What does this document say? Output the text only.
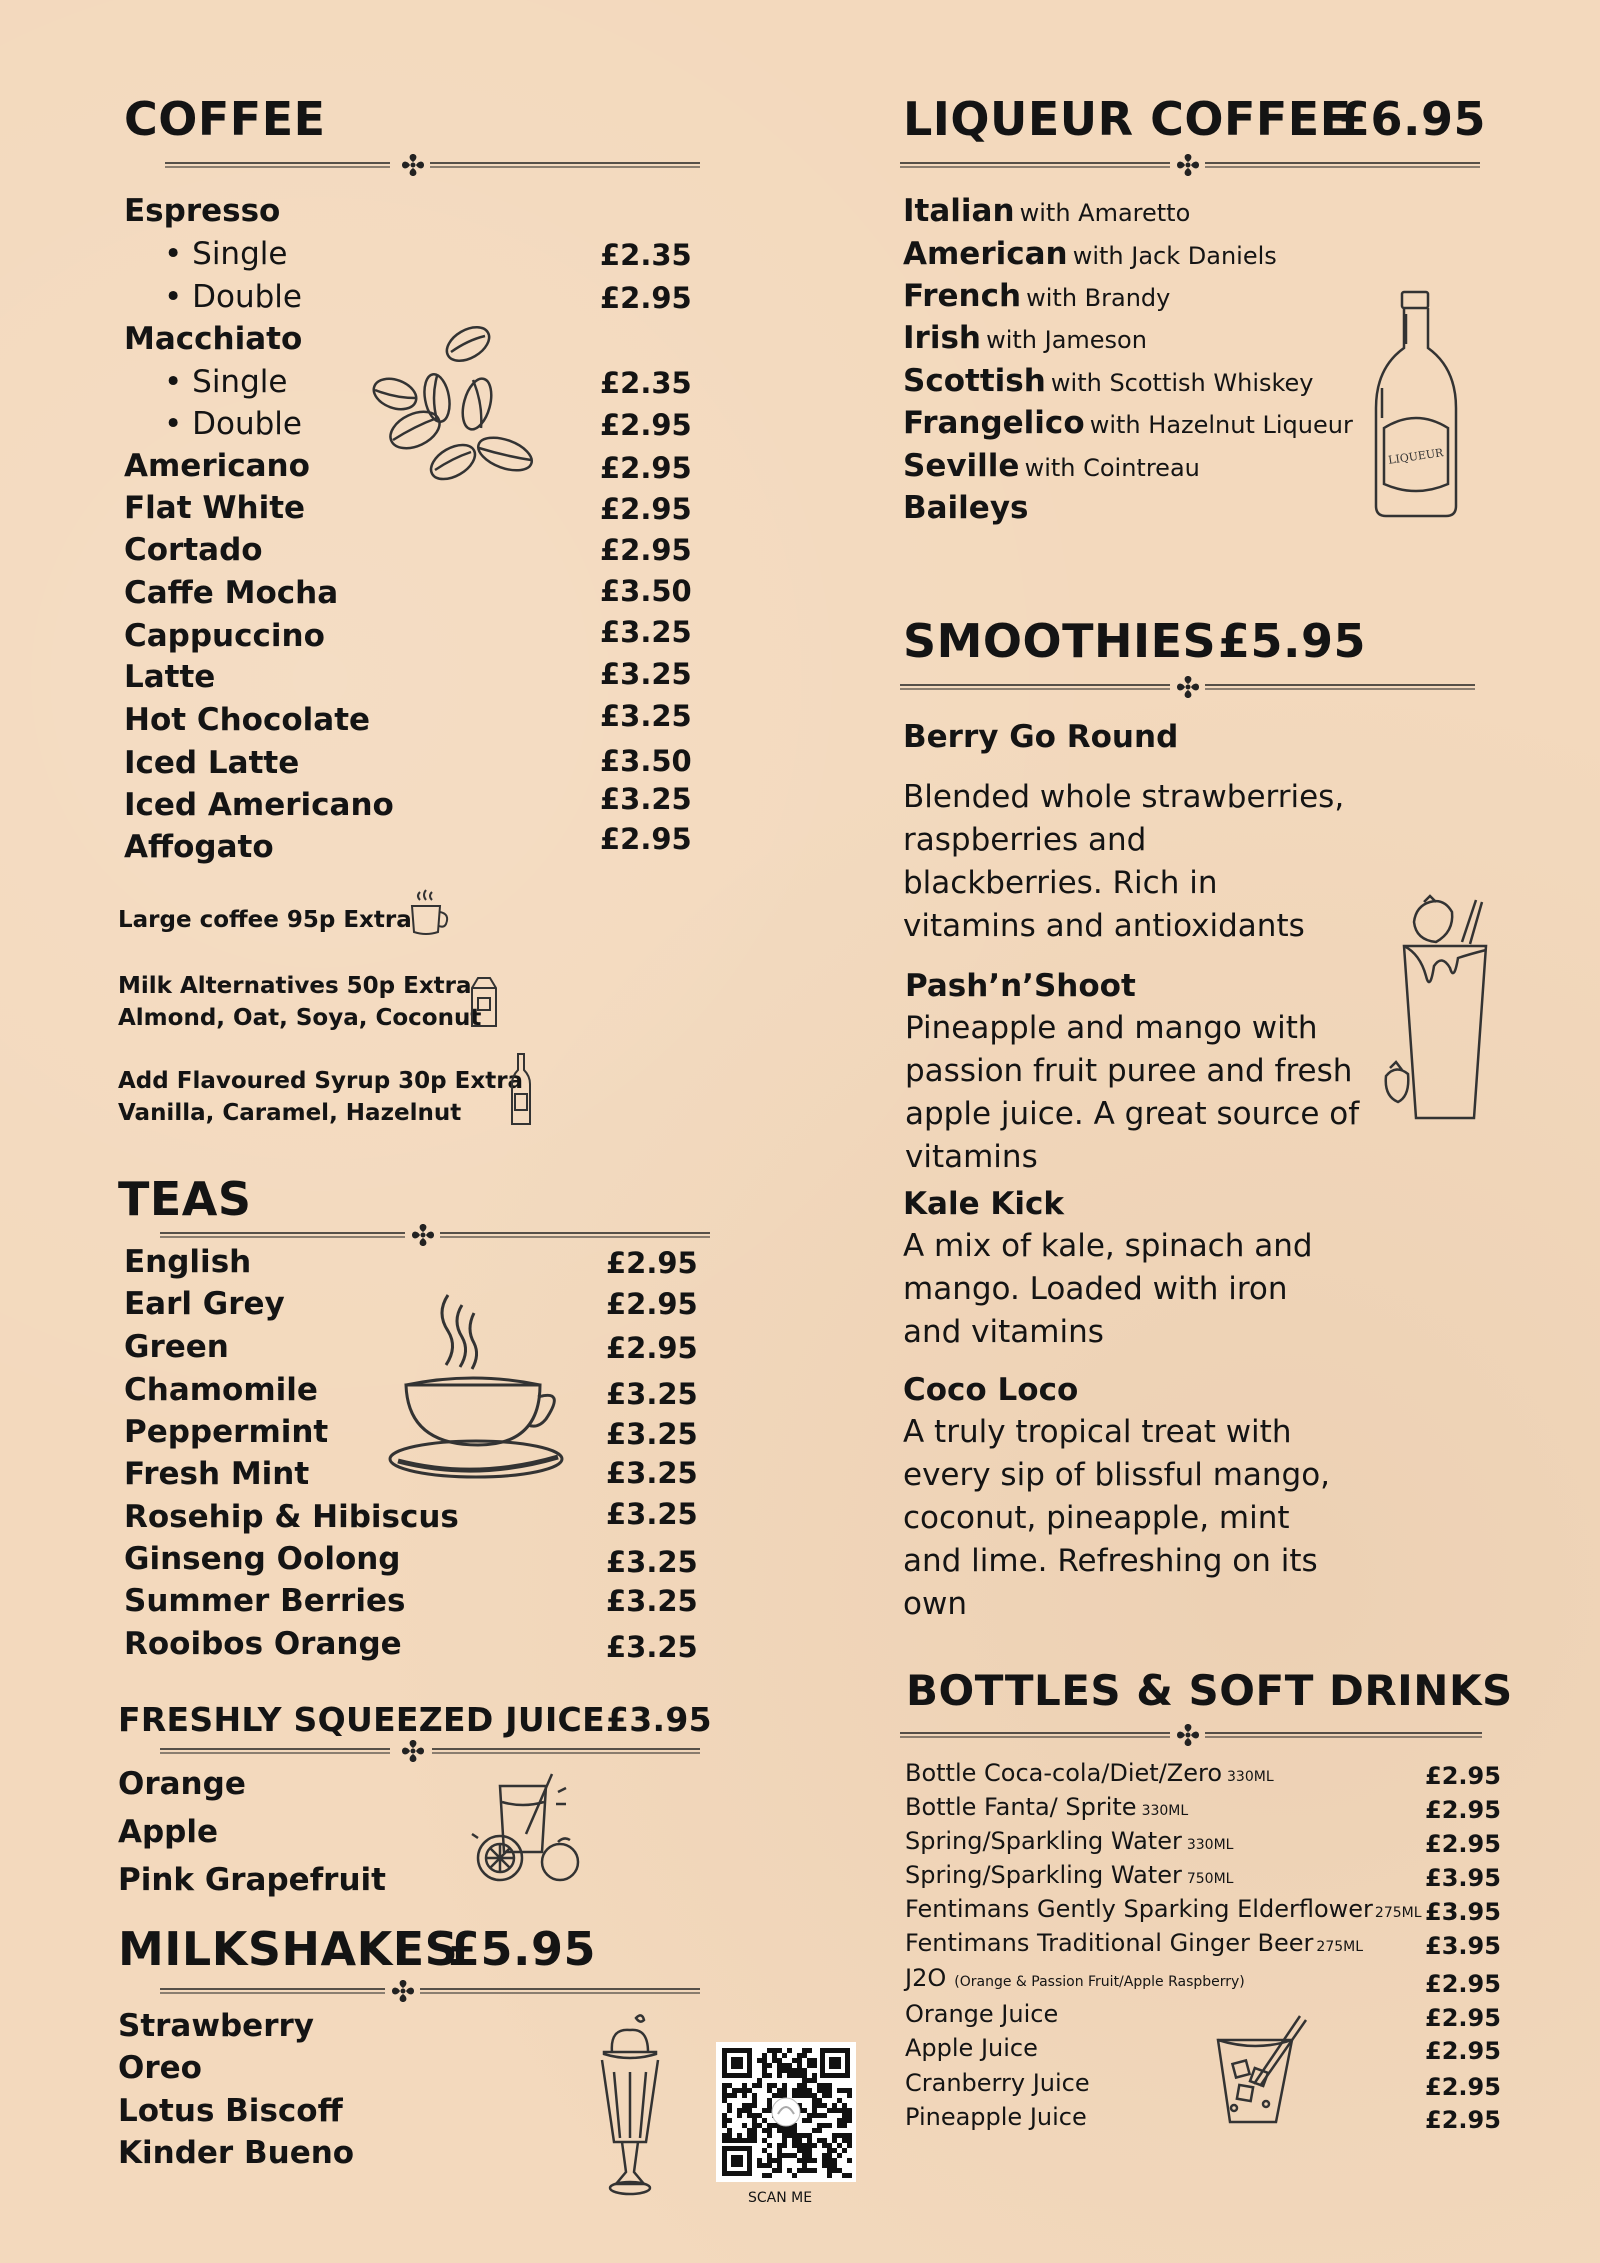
COFFEE
Espresso
• Single	£2.35
• Double	£2.95
Macchiato
• Single	£2.35
• Double	£2.95
Americano	£2.95
Flat White	£2.95
Cortado	£2.95
Caffe Mocha	£3.50
Cappuccino	£3.25
Latte	£3.25
Hot Chocolate	£3.25
Iced Latte	£3.50
Iced Americano	£3.25
Affogato	£2.95
Large coffee 95p Extra
Milk Alternatives 50p Extra
Almond, Oat, Soya, Coconut
Add Flavoured Syrup 30p Extra
Vanilla, Caramel, Hazelnut
TEAS
English	£2.95
Earl Grey	£2.95
Green	£2.95
Chamomile	£3.25
Peppermint	£3.25
Fresh Mint	£3.25
Rosehip & Hibiscus	£3.25
Ginseng Oolong	£3.25
Summer Berries	£3.25
Rooibos Orange	£3.25
FRESHLY SQUEEZED JUICE £3.95
Orange
Apple
Pink Grapefruit
MILKSHAKES
£5.95
Strawberry
Oreo
Lotus Biscoff
Kinder Bueno
SCAN ME
LIQUEUR COFFEE
£6.95
Italian with Amaretto
American with Jack Daniels
French with Brandy
Irish with Jameson
Scottish with Scottish Whiskey
Frangelico with Hazelnut Liqueur
Seville with Cointreau
Baileys
LIQUEUR
SMOOTHIES £5.95
Berry Go Round
Blended whole strawberries, raspberries and blackberries. Rich in vitamins and antioxidants
Pash’n’Shoot
Pineapple and mango with passion fruit puree and fresh apple juice. A great source of vitamins
Kale Kick
A mix of kale, spinach and mango. Loaded with iron and vitamins
Coco Loco
A truly tropical treat with every sip of blissful mango, coconut, pineapple, mint and lime. Refreshing on its own
BOTTLES & SOFT DRINKS
Bottle Coca-cola/Diet/Zero 330ML	£2.95
Bottle Fanta/ Sprite 330ML	£2.95
Spring/Sparkling Water 330ML	£2.95
Spring/Sparkling Water 750ML	£3.95
Fentimans Gently Sparking Elderflower 275ML £3.95
Fentimans Traditional Ginger Beer 275ML	£3.95
J2O (Orange & Passion Fruit/Apple Raspberry)	£2.95
Orange Juice	£2.95
Apple Juice	£2.95
Cranberry Juice	£2.95
Pineapple Juice	£2.95
